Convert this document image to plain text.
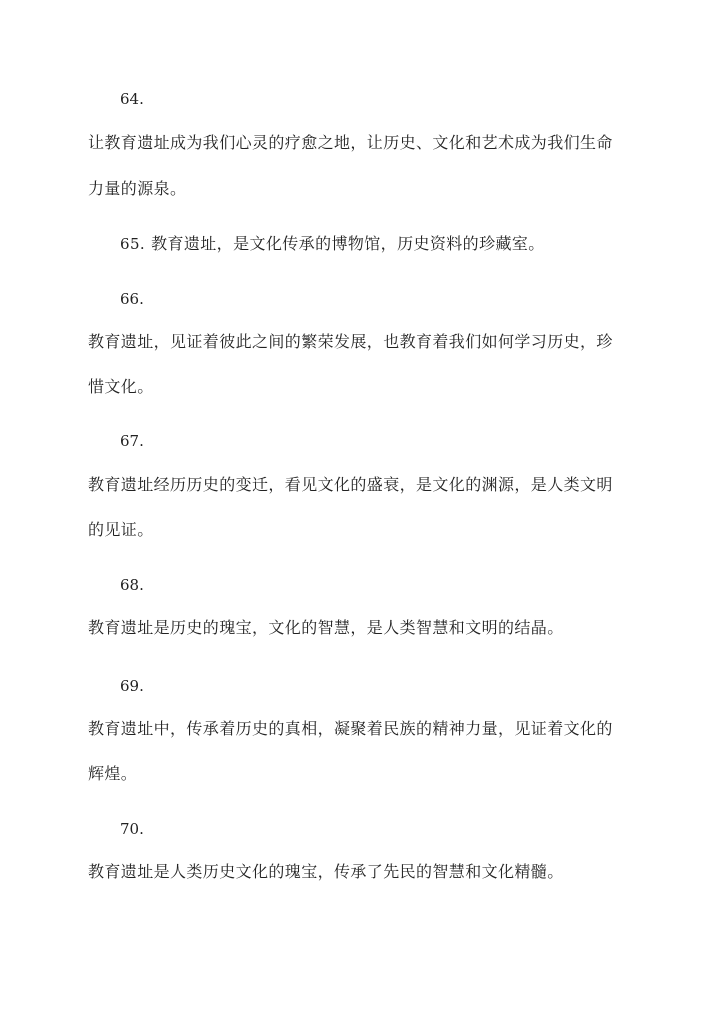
64.
让教育遗址成为我们心灵的疗愈之地，让历史、文化和艺术成为我们生命
力量的源泉。
65. 教育遗址，是文化传承的博物馆，历史资料的珍藏室。
66.
教育遗址，见证着彼此之间的繁荣发展，也教育着我们如何学习历史，珍
惜文化。
67.
教育遗址经历历史的变迁，看见文化的盛衰，是文化的渊源，是人类文明
的见证。
68.
教育遗址是历史的瑰宝，文化的智慧，是人类智慧和文明的结晶。
69.
教育遗址中，传承着历史的真相，凝聚着民族的精神力量，见证着文化的
辉煌。
70.
教育遗址是人类历史文化的瑰宝，传承了先民的智慧和文化精髓。
